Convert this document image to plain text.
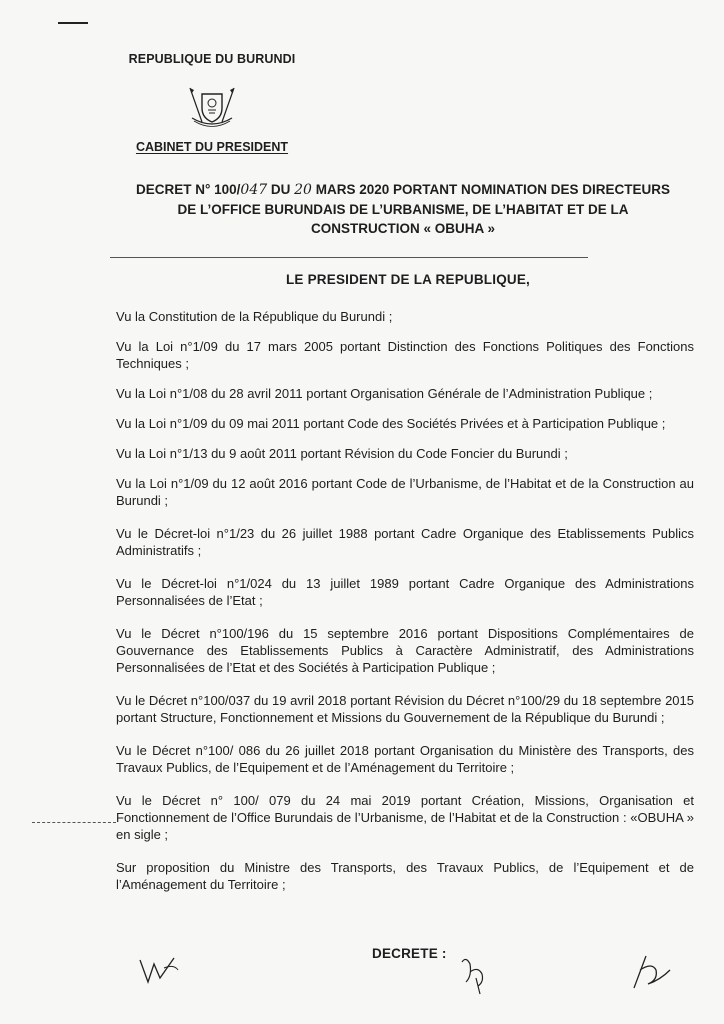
REPUBLIQUE DU BURUNDI
CABINET DU PRESIDENT
DECRET N° 100/047 DU 20 MARS 2020 PORTANT NOMINATION DES DIRECTEURS
DE L’OFFICE BURUNDAIS DE L’URBANISME, DE L’HABITAT ET DE LA
CONSTRUCTION « OBUHA »
LE PRESIDENT DE LA REPUBLIQUE,

Vu la Constitution de la République du Burundi ;

Vu la Loi n°1/09 du 17 mars 2005 portant Distinction des Fonctions Politiques des Fonctions Techniques ;

Vu la Loi n°1/08 du 28 avril 2011 portant Organisation Générale de l’Administration Publique ;

Vu la Loi n°1/09 du 09 mai 2011 portant Code des Sociétés Privées et à Participation Publique ;

Vu la Loi n°1/13 du 9 août 2011 portant Révision du Code Foncier du Burundi ;

Vu la Loi n°1/09 du 12 août 2016 portant Code de l’Urbanisme, de l’Habitat et de la Construction au Burundi ;

Vu le Décret-loi n°1/23 du 26 juillet 1988 portant Cadre Organique des Etablissements Publics Administratifs ;

Vu le Décret-loi n°1/024 du 13 juillet 1989 portant Cadre Organique des Administrations Personnalisées de l’Etat ;

Vu le Décret n°100/196 du 15 septembre 2016 portant Dispositions Complémentaires de Gouvernance des Etablissements Publics à Caractère Administratif, des Administrations Personnalisées de l’Etat et des Sociétés à Participation Publique ;

Vu le Décret n°100/037 du 19 avril 2018 portant Révision du Décret n°100/29 du 18 septembre 2015 portant Structure, Fonctionnement et Missions du Gouvernement de la République du Burundi ;

Vu le Décret n°100/ 086 du 26 juillet 2018 portant Organisation du Ministère des Transports, des Travaux Publics, de l’Equipement et de l’Aménagement du Territoire ;

Vu le Décret n° 100/ 079 du 24 mai 2019 portant Création, Missions, Organisation et Fonctionnement de l’Office Burundais de l’Urbanisme, de l’Habitat et de la Construction : «OBUHA » en sigle ;

Sur proposition du Ministre des Transports, des Travaux Publics, de l’Equipement et de l’Aménagement du Territoire ;

DECRETE :
